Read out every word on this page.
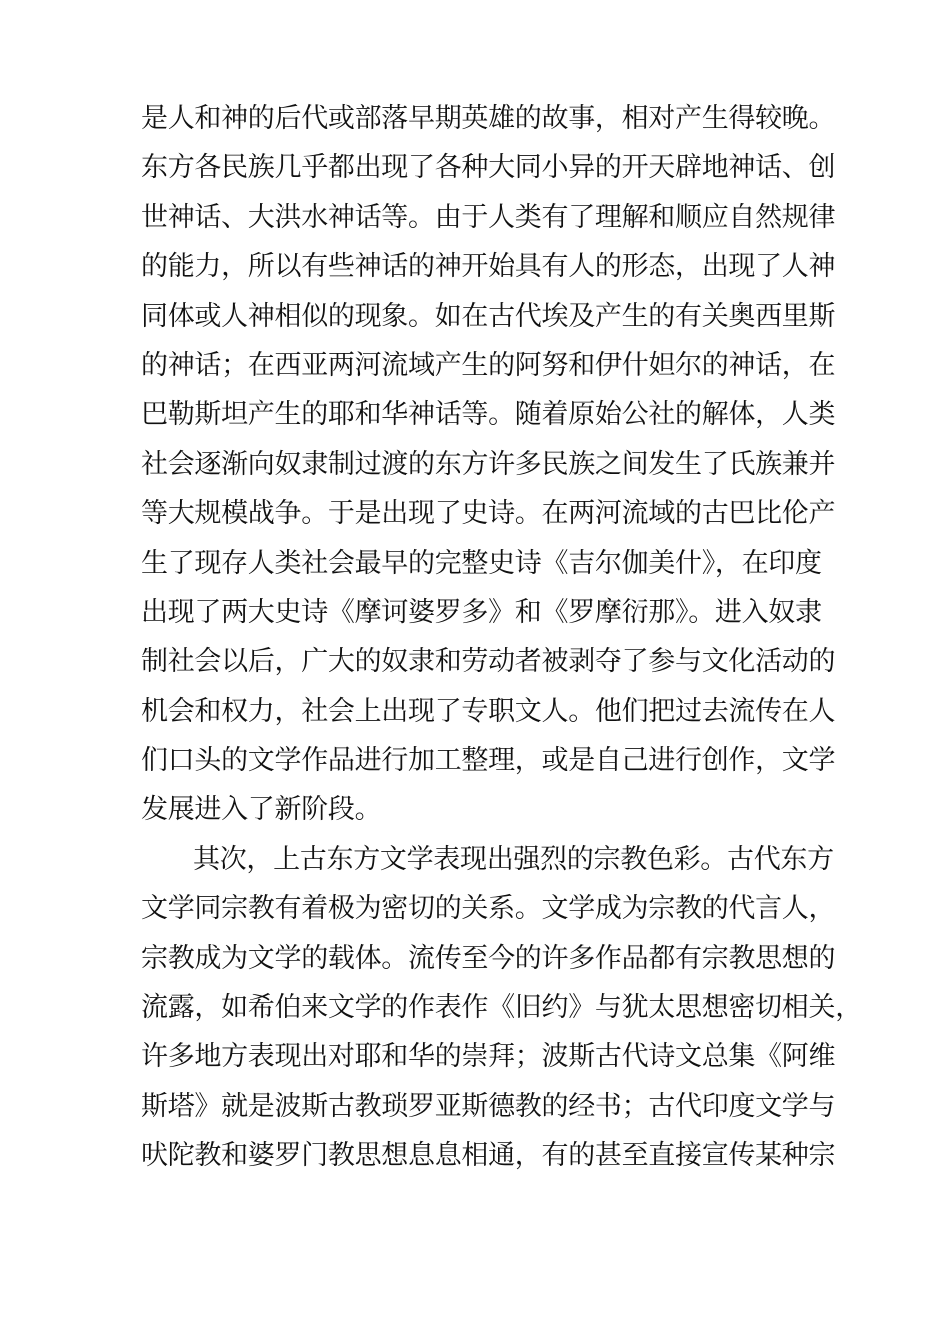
是人和神的后代或部落早期英雄的故事，相对产生得较晚。
东方各民族几乎都出现了各种大同小异的开天辟地神话、创
世神话、大洪水神话等。由于人类有了理解和顺应自然规律
的能力，所以有些神话的神开始具有人的形态，出现了人神
同体或人神相似的现象。如在古代埃及产生的有关奥西里斯
的神话；在西亚两河流域产生的阿努和伊什妲尔的神话，在
巴勒斯坦产生的耶和华神话等。随着原始公社的解体，人类
社会逐渐向奴隶制过渡的东方许多民族之间发生了氏族兼并
等大规模战争。于是出现了史诗。在两河流域的古巴比伦产
生了现存人类社会最早的完整史诗《吉尔伽美什》，在印度
出现了两大史诗《摩诃婆罗多》和《罗摩衍那》。进入奴隶
制社会以后，广大的奴隶和劳动者被剥夺了参与文化活动的
机会和权力，社会上出现了专职文人。他们把过去流传在人
们口头的文学作品进行加工整理，或是自己进行创作，文学
发展进入了新阶段。
其次，上古东方文学表现出强烈的宗教色彩。古代东方
文学同宗教有着极为密切的关系。文学成为宗教的代言人，
宗教成为文学的载体。流传至今的许多作品都有宗教思想的
流露，如希伯来文学的作表作《旧约》与犹太思想密切相关，
许多地方表现出对耶和华的崇拜；波斯古代诗文总集《阿维
斯塔》就是波斯古教琐罗亚斯德教的经书；古代印度文学与
吠陀教和婆罗门教思想息息相通，有的甚至直接宣传某种宗
